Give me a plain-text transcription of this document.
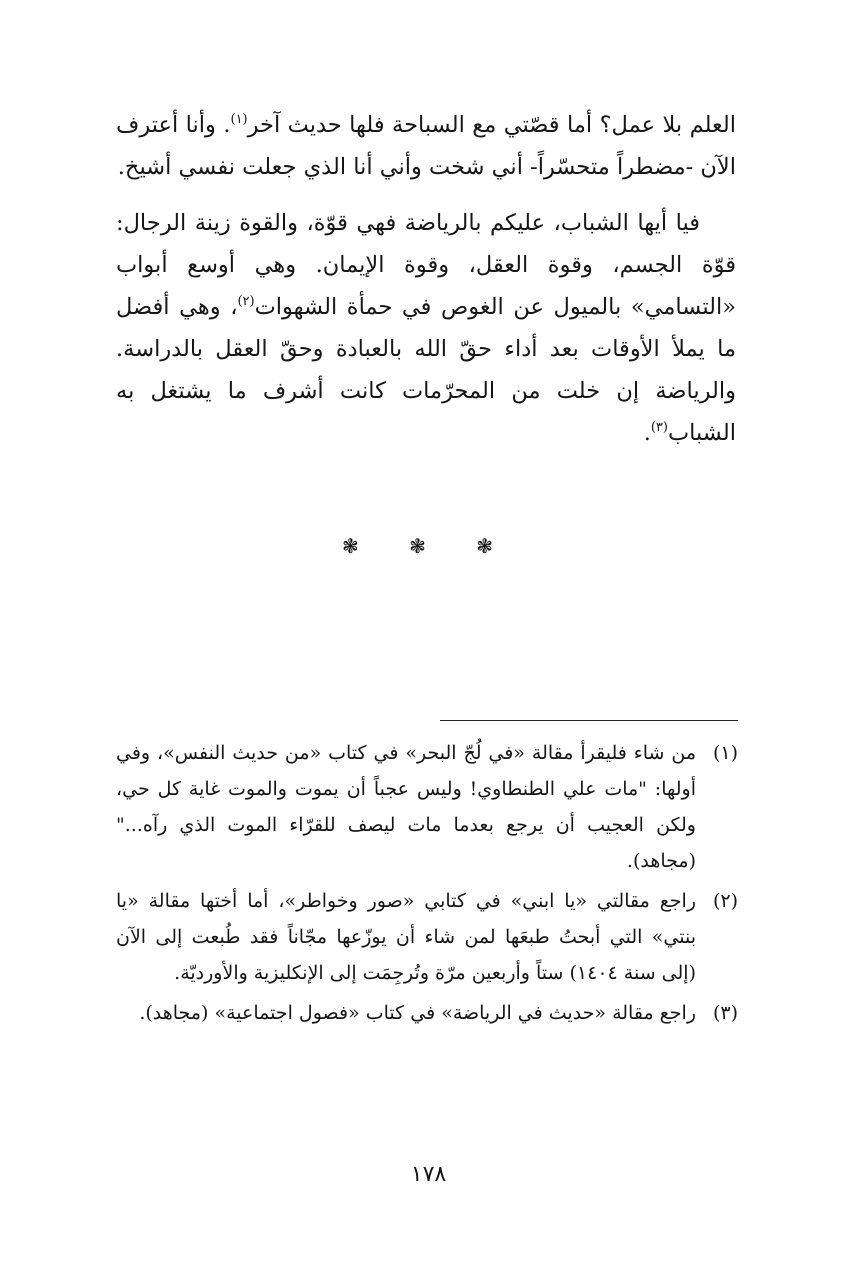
العلم بلا عمل؟ أما قصّتي مع السباحة فلها حديث آخر$^{(١)}$. وأنا أعترف الآن -مضطراً متحسّراً- أني شخت وأني أنا الذي جعلت نفسي أشيخ.

فيا أيها الشباب، عليكم بالرياضة فهي قوّة، والقوة زينة الرجال: قوّة الجسم، وقوة العقل، وقوة الإيمان. وهي أوسع أبواب «التسامي» بالميول عن الغوص في حمأة الشهوات$^{(٢)}$، وهي أفضل ما يملأ الأوقات بعد أداء حقّ الله بالعبادة وحقّ العقل بالدراسة. والرياضة إن خلت من المحرّمات كانت أشرف ما يشتغل به الشباب$^{(٣)}$.

❃ ❃ ❃
(١)
من شاء فليقرأ مقالة «في لُجّ البحر» في كتاب «من حديث النفس»، وفي أولها: "مات علي الطنطاوي! وليس عجباً أن يموت والموت غاية كل حي، ولكن العجيب أن يرجع بعدما مات ليصف للقرّاء الموت الذي رآه..." (مجاهد).
(٢)
راجع مقالتي «يا ابني» في كتابي «صور وخواطر»، أما أختها مقالة «يا بنتي» التي أبحتُ طبعَها لمن شاء أن يوزّعها مجّاناً فقد طُبعت إلى الآن (إلى سنة ١٤٠٤) ستاً وأربعين مرّة وتُرجِمَت إلى الإنكليزية والأورديّة.
(٣)
راجع مقالة «حديث في الرياضة» في كتاب «فصول اجتماعية» (مجاهد).
١٧٨
